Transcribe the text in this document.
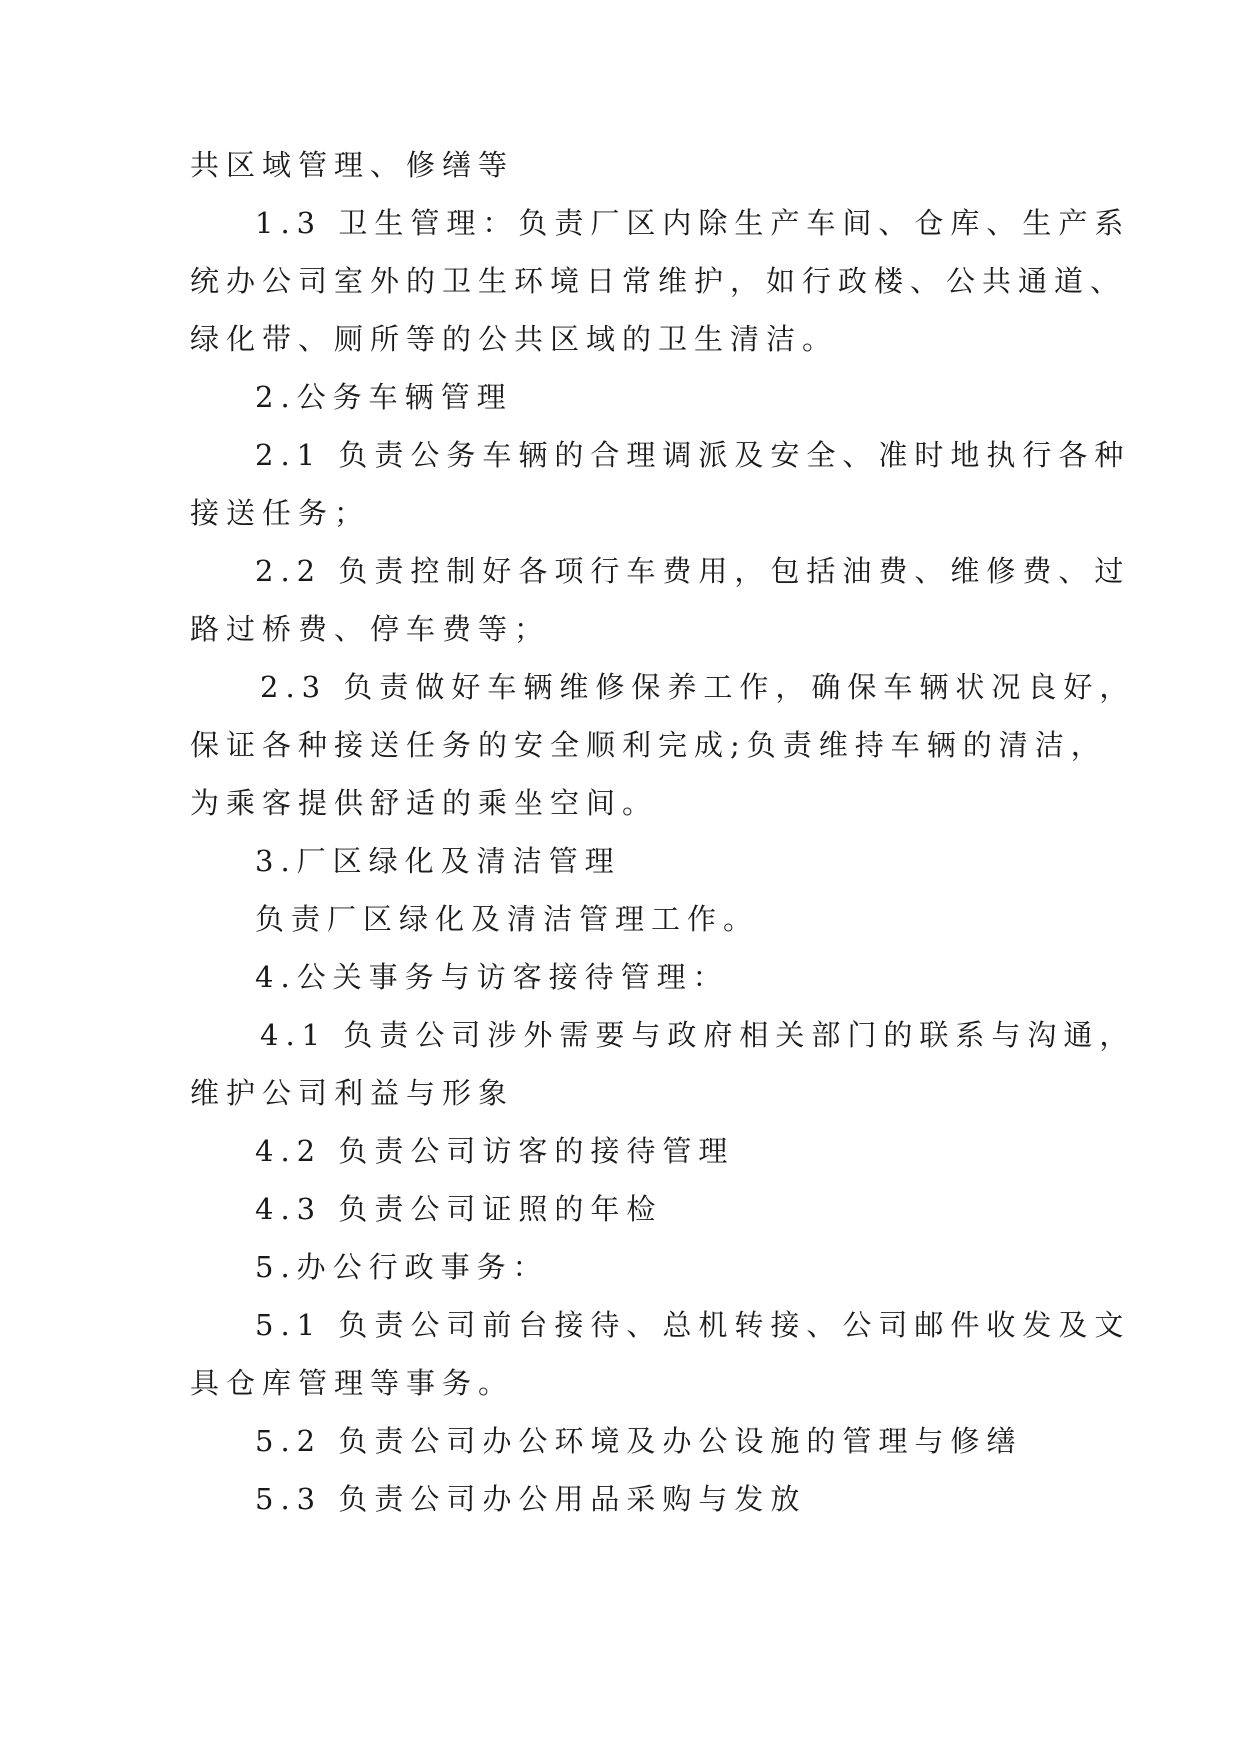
共区域管理、修缮等

1.3 卫生管理：负责厂区内除生产车间、仓库、生产系

统办公司室外的卫生环境日常维护，如行政楼、公共通道、

绿化带、厕所等的公共区域的卫生清洁。

2.公务车辆管理

2.1 负责公务车辆的合理调派及安全、准时地执行各种

接送任务；

2.2 负责控制好各项行车费用，包括油费、维修费、过

路过桥费、停车费等；

2.3 负责做好车辆维修保养工作，确保车辆状况良好，

保证各种接送任务的安全顺利完成;负责维持车辆的清洁，

为乘客提供舒适的乘坐空间。

3.厂区绿化及清洁管理

负责厂区绿化及清洁管理工作。

4.公关事务与访客接待管理：

4.1 负责公司涉外需要与政府相关部门的联系与沟通，

维护公司利益与形象

4.2 负责公司访客的接待管理

4.3 负责公司证照的年检

5.办公行政事务：

5.1 负责公司前台接待、总机转接、公司邮件收发及文

具仓库管理等事务。

5.2 负责公司办公环境及办公设施的管理与修缮

5.3 负责公司办公用品采购与发放
